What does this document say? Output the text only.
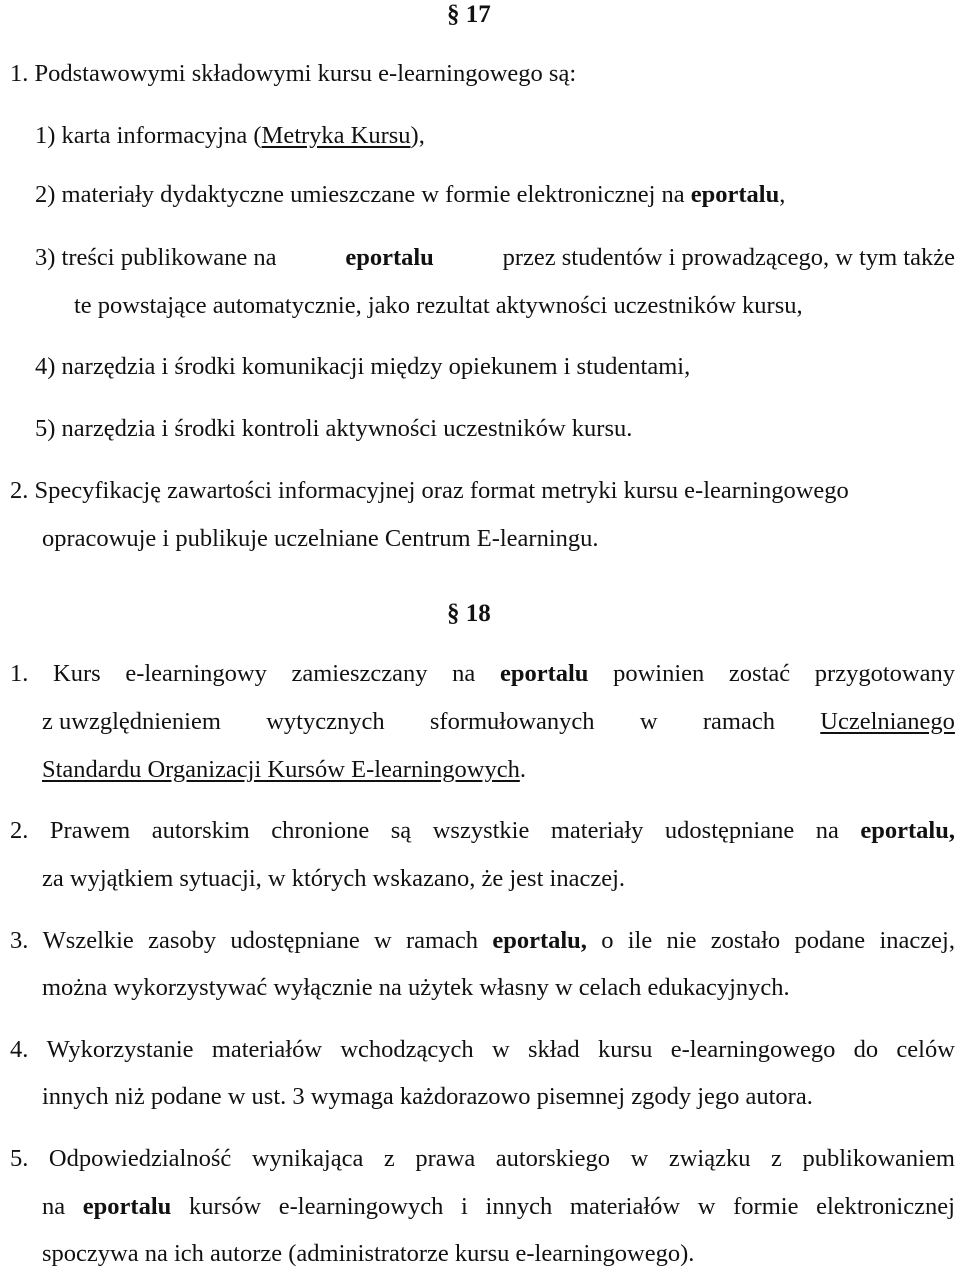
§ 17
1. Podstawowymi składowymi kursu e-learningowego są:
1) karta informacyjna (Metryka Kursu),
2) materiały dydaktyczne umieszczane w formie elektronicznej na eportalu,
3) treści publikowane na	eportalu	przez studentów i prowadzącego, w tym także
te powstające automatycznie, jako rezultat aktywności uczestników kursu,
4) narzędzia i środki komunikacji między opiekunem i studentami,
5) narzędzia i środki kontroli aktywności uczestników kursu.
2. Specyfikację zawartości informacyjnej oraz format metryki kursu e-learningowego
opracowuje i publikuje uczelniane Centrum E-learningu.
§ 18
1. Kurs e-learningowy zamieszczany na eportalu powinien zostać przygotowany
z uwzględnieniem wytycznych sformułowanych w ramach Uczelnianego
Standardu Organizacji Kursów E-learningowych.
2. Prawem autorskim chronione są wszystkie materiały udostępniane na eportalu,
za wyjątkiem sytuacji, w których wskazano, że jest inaczej.
3. Wszelkie zasoby udostępniane w ramach eportalu, o ile nie zostało podane inaczej,
można wykorzystywać wyłącznie na użytek własny w celach edukacyjnych.
4. Wykorzystanie materiałów wchodzących w skład kursu e-learningowego do celów
innych niż podane w ust. 3 wymaga każdorazowo pisemnej zgody jego autora.
5. Odpowiedzialność wynikająca z prawa autorskiego w związku z publikowaniem
na eportalu kursów e-learningowych i innych materiałów w formie elektronicznej
spoczywa na ich autorze (administratorze kursu e-learningowego).
